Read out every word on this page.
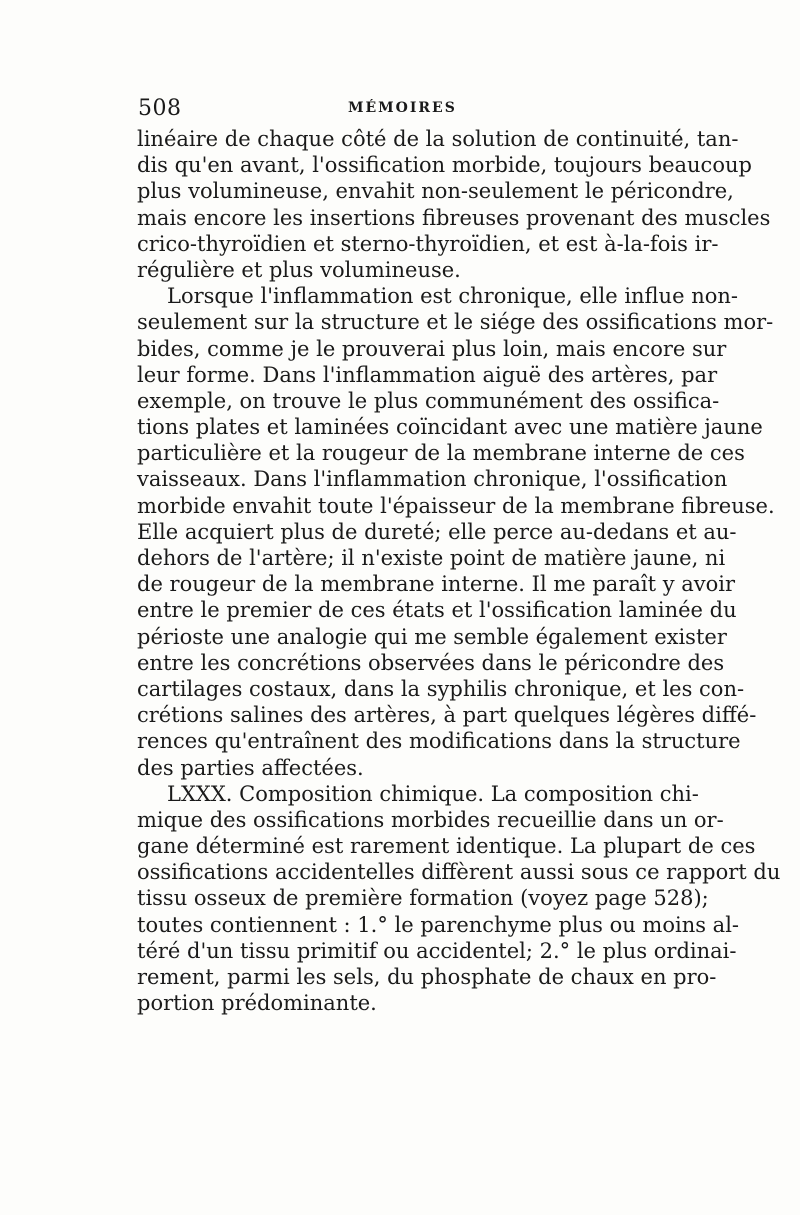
508	MÉMOIRES
linéaire de chaque côté de la solution de continuité, tan-
dis qu'en avant, l'ossification morbide, toujours beaucoup
plus volumineuse, envahit non-seulement le péricondre,
mais encore les insertions fibreuses provenant des muscles
crico-thyroïdien et sterno-thyroïdien, et est à-la-fois ir-
régulière et plus volumineuse.
Lorsque l'inflammation est chronique, elle influe non-
seulement sur la structure et le siége des ossifications mor-
bides, comme je le prouverai plus loin, mais encore sur
leur forme. Dans l'inflammation aiguë des artères, par
exemple, on trouve le plus communément des ossifica-
tions plates et laminées coïncidant avec une matière jaune
particulière et la rougeur de la membrane interne de ces
vaisseaux. Dans l'inflammation chronique, l'ossification
morbide envahit toute l'épaisseur de la membrane fibreuse.
Elle acquiert plus de dureté; elle perce au-dedans et au-
dehors de l'artère; il n'existe point de matière jaune, ni
de rougeur de la membrane interne. Il me paraît y avoir
entre le premier de ces états et l'ossification laminée du
périoste une analogie qui me semble également exister
entre les concrétions observées dans le péricondre des
cartilages costaux, dans la syphilis chronique, et les con-
crétions salines des artères, à part quelques légères diffé-
rences qu'entraînent des modifications dans la structure
des parties affectées.
LXXX. Composition chimique. La composition chi-
mique des ossifications morbides recueillie dans un or-
gane déterminé est rarement identique. La plupart de ces
ossifications accidentelles diffèrent aussi sous ce rapport du
tissu osseux de première formation (voyez page 528);
toutes contiennent : 1.° le parenchyme plus ou moins al-
téré d'un tissu primitif ou accidentel; 2.° le plus ordinai-
rement, parmi les sels, du phosphate de chaux en pro-
portion prédominante.
